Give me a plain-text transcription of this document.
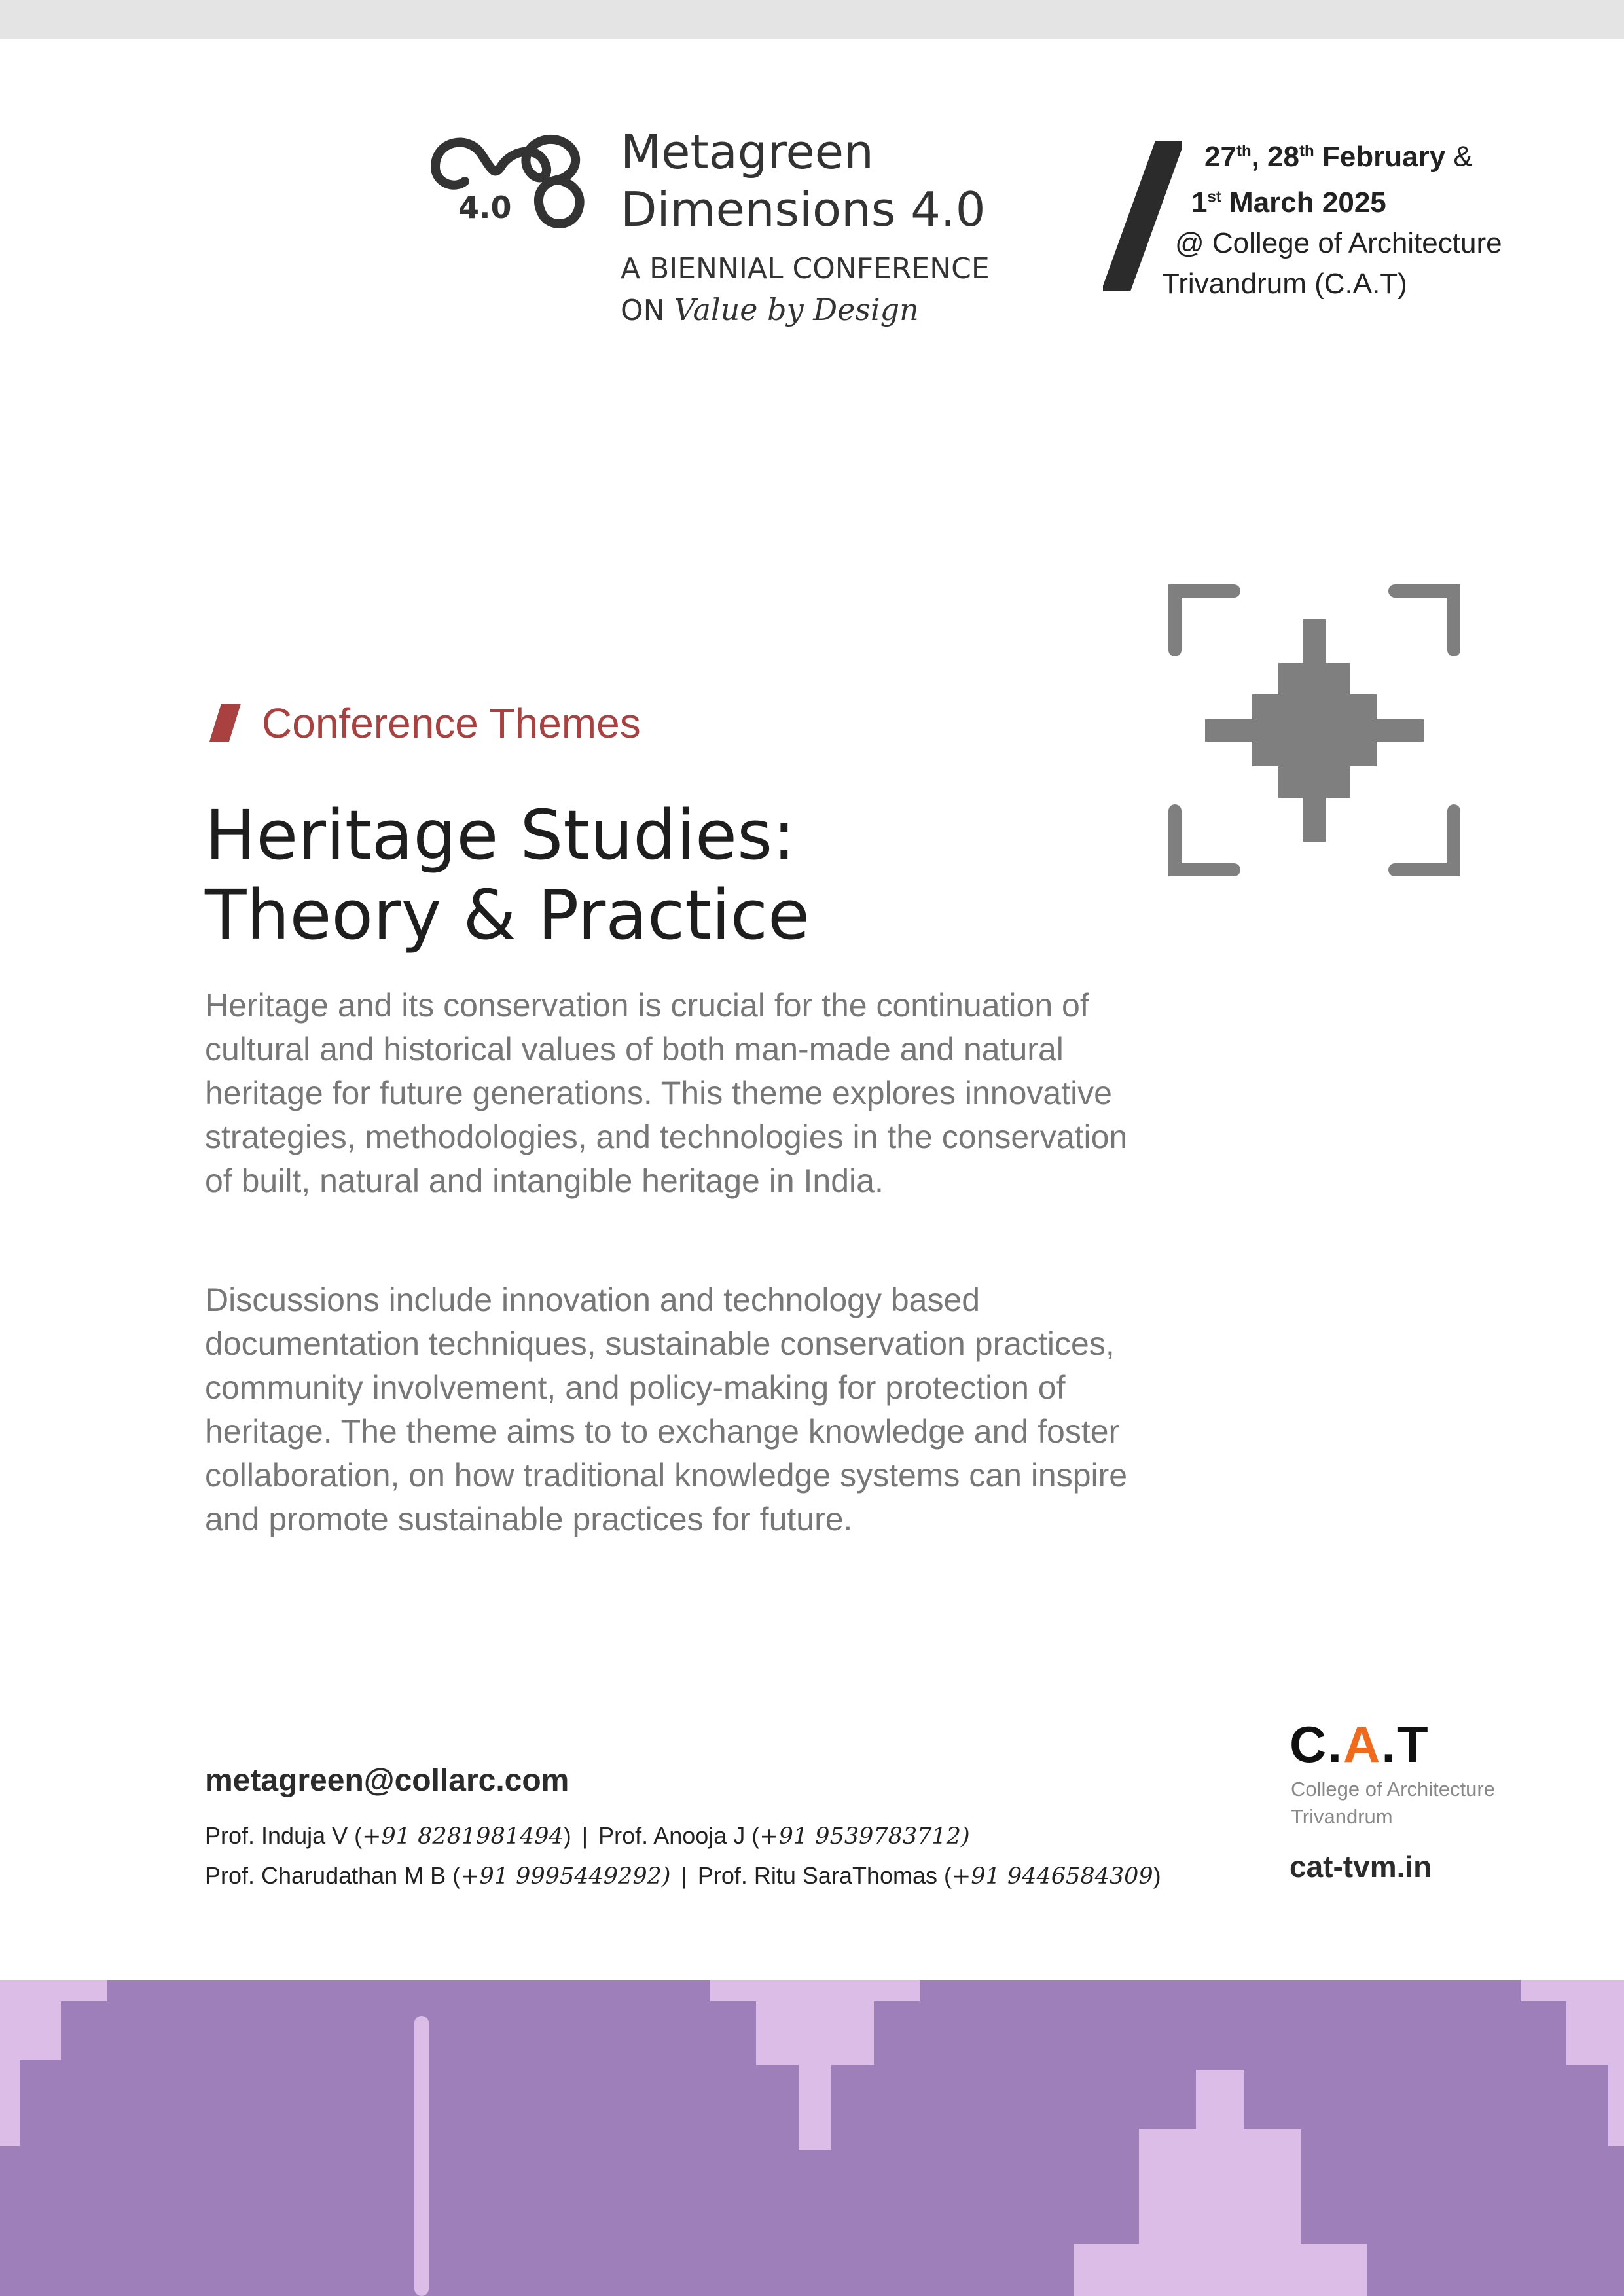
4.0
Metagreen
Dimensions 4.0
A BIENNIAL CONFERENCE
ON Value by Design
27th, 28th February &
1st March 2025
@ College of Architecture
Trivandrum (C.A.T)
Conference Themes
Heritage Studies:
Theory & Practice
Heritage and its conservation is crucial for the continuation of cultural and historical values of both man-made and natural heritage for future generations. This theme explores innovative strategies, methodologies, and technologies in the conservation of built, natural and intangible heritage in India.
Discussions include innovation and technology based documentation techniques, sustainable conservation practices, community involvement, and policy-making for protection of heritage. The theme aims to to exchange knowledge and foster collaboration, on how traditional knowledge systems can inspire and promote sustainable practices for future.
metagreen@collarc.com
Prof. Induja V (+91 8281981494) | Prof. Anooja J (+91 9539783712)
Prof. Charudathan M B (+91 9995449292) | Prof. Ritu SaraThomas (+91 9446584309)
C.A.T
College of Architecture
Trivandrum
cat-tvm.in
